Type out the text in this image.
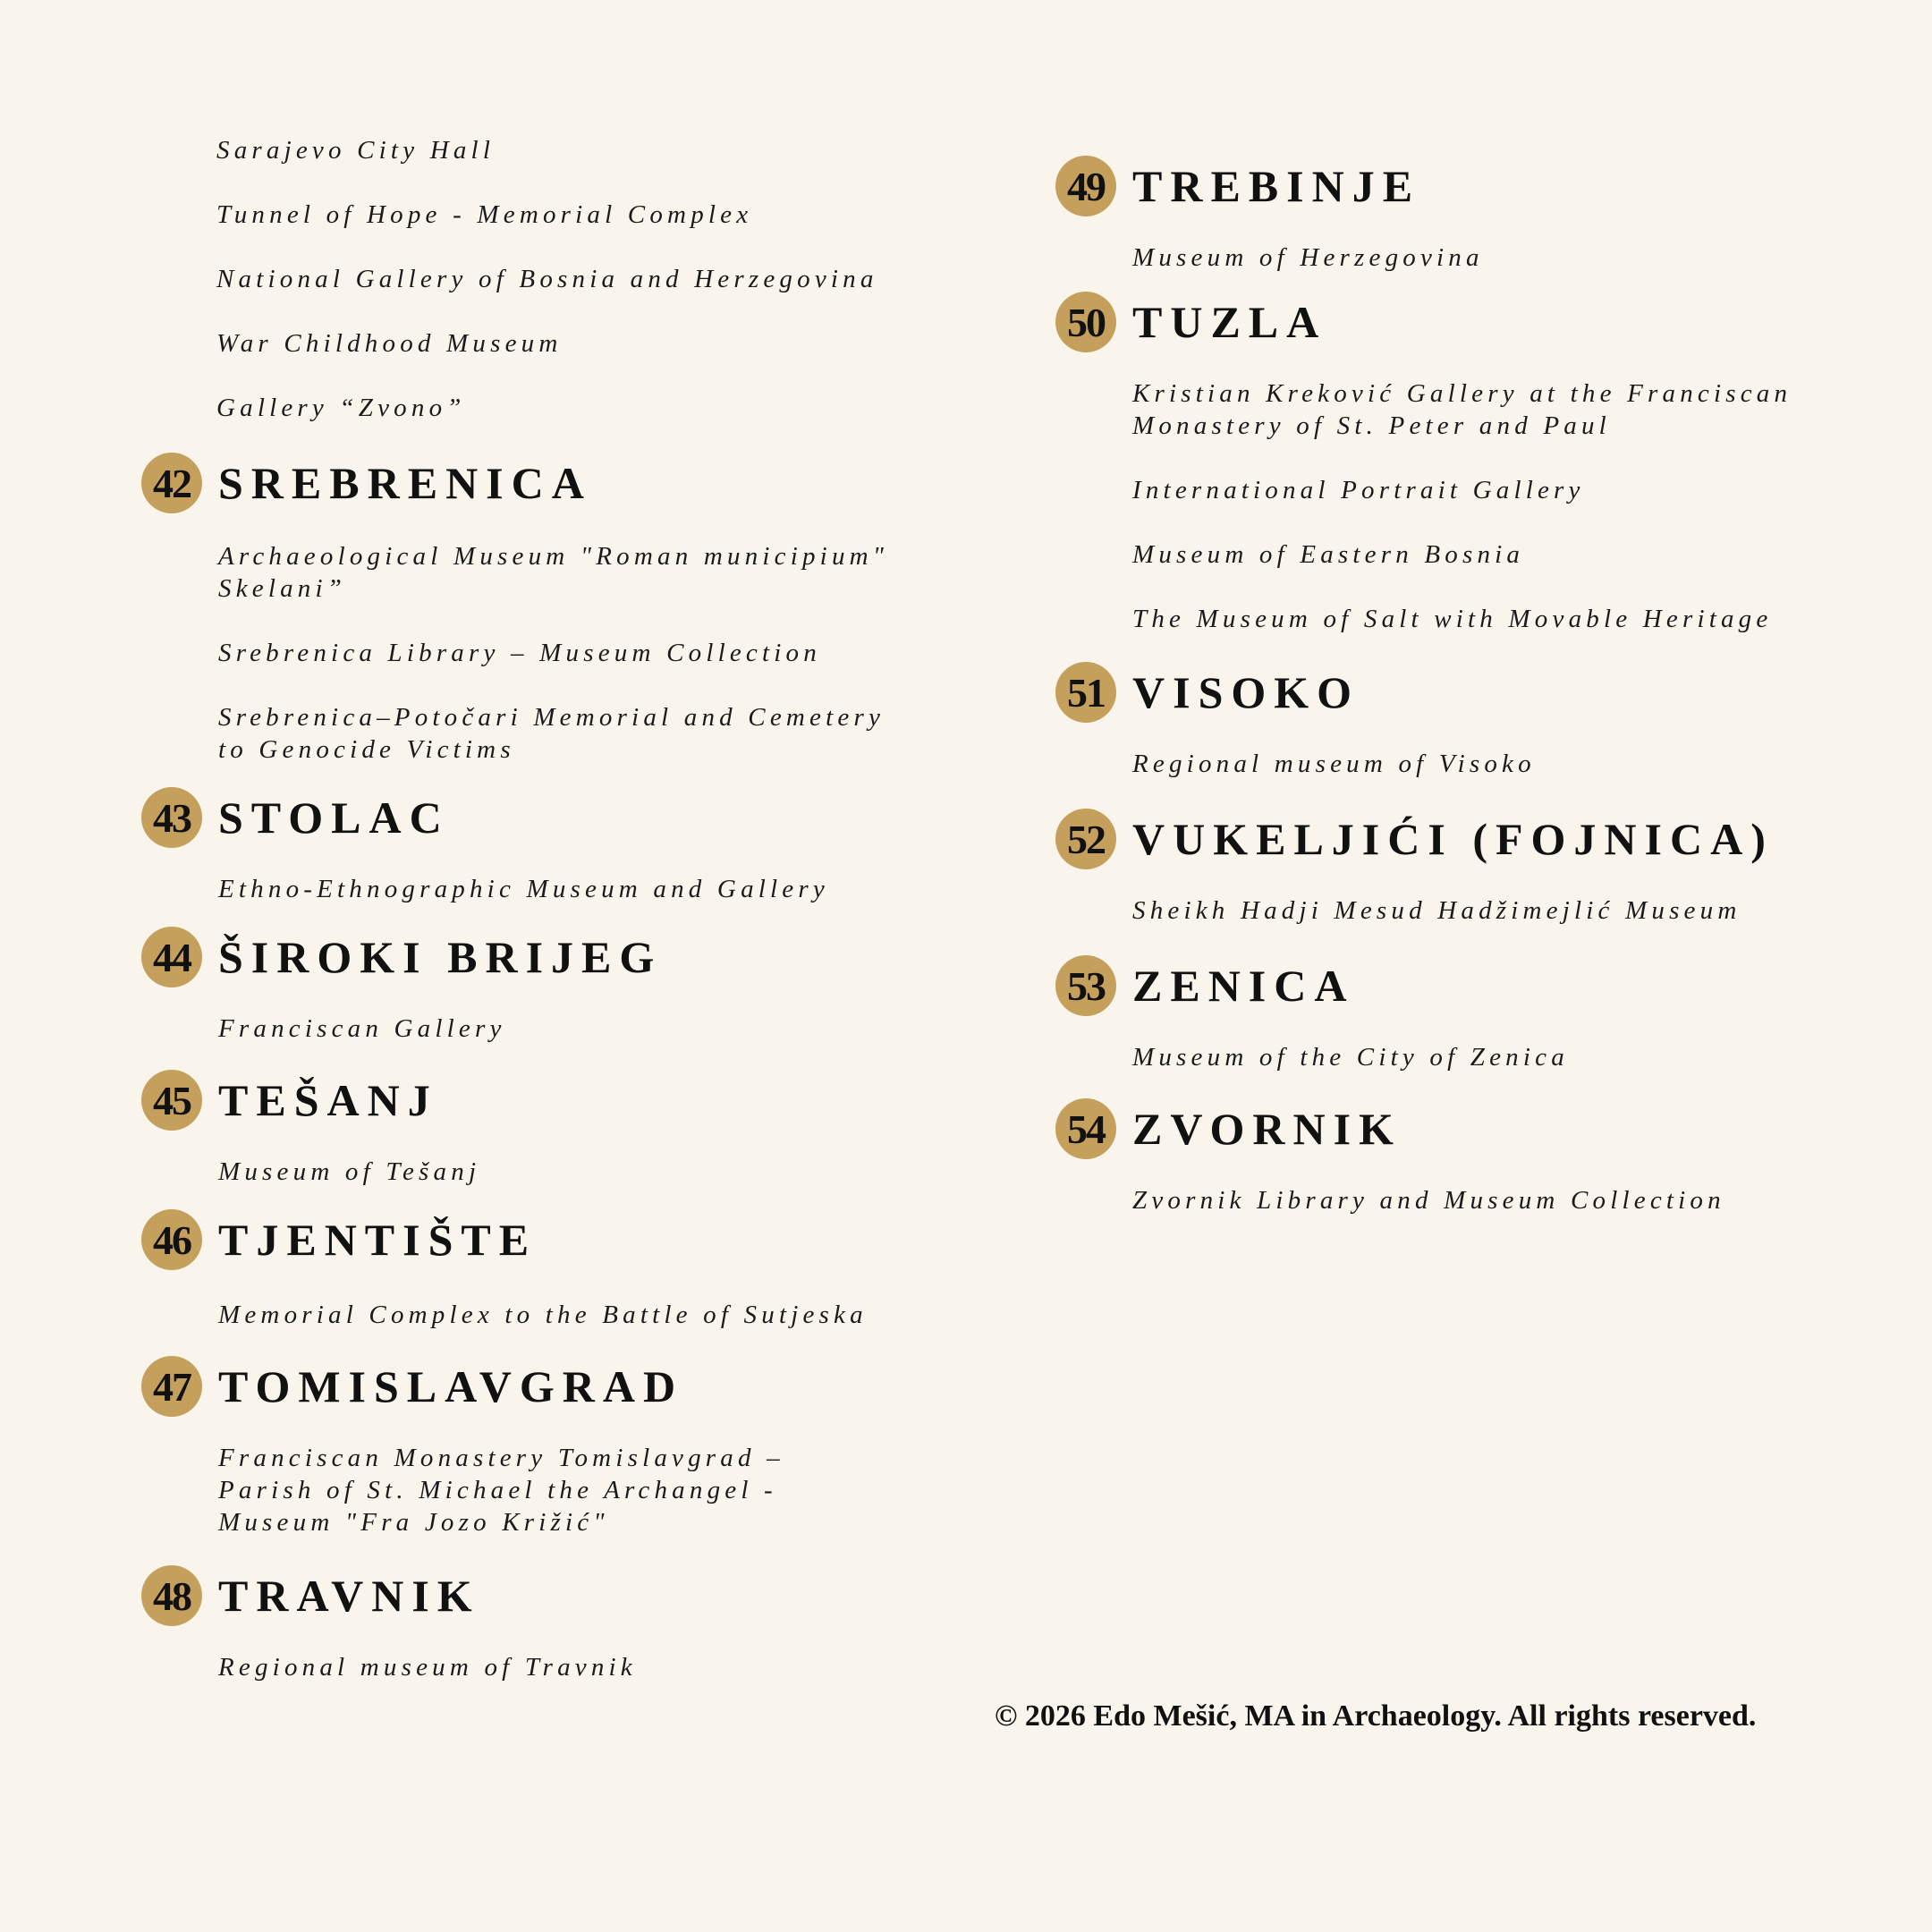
Sarajevo City Hall
Tunnel of Hope - Memorial Complex
National Gallery of Bosnia and Herzegovina
War Childhood Museum
Gallery “Zvono”
42 SREBRENICA
Archaeological Museum "Roman municipium"
Skelani”
Srebrenica Library – Museum Collection
Srebrenica–Potočari Memorial and Cemetery
to Genocide Victims
43 STOLAC
Ethno-Ethnographic Museum and Gallery
44 ŠIROKI BRIJEG
Franciscan Gallery
45 TEŠANJ
Museum of Tešanj
46 TJENTIŠTE
Memorial Complex to the Battle of Sutjeska
47 TOMISLAVGRAD
Franciscan Monastery Tomislavgrad –
Parish of St. Michael the Archangel -
Museum "Fra Jozo Križić"
48 TRAVNIK
Regional museum of Travnik
49 TREBINJE
Museum of Herzegovina
50 TUZLA
Kristian Kreković Gallery at the Franciscan
Monastery of St. Peter and Paul
International Portrait Gallery
Museum of Eastern Bosnia
The Museum of Salt with Movable Heritage
51 VISOKO
Regional museum of Visoko
52 VUKELJIĆI (FOJNICA)
Sheikh Hadji Mesud Hadžimejlić Museum
53 ZENICA
Museum of the City of Zenica
54 ZVORNIK
Zvornik Library and Museum Collection
© 2026 Edo Mešić, MA in Archaeology. All rights reserved.
